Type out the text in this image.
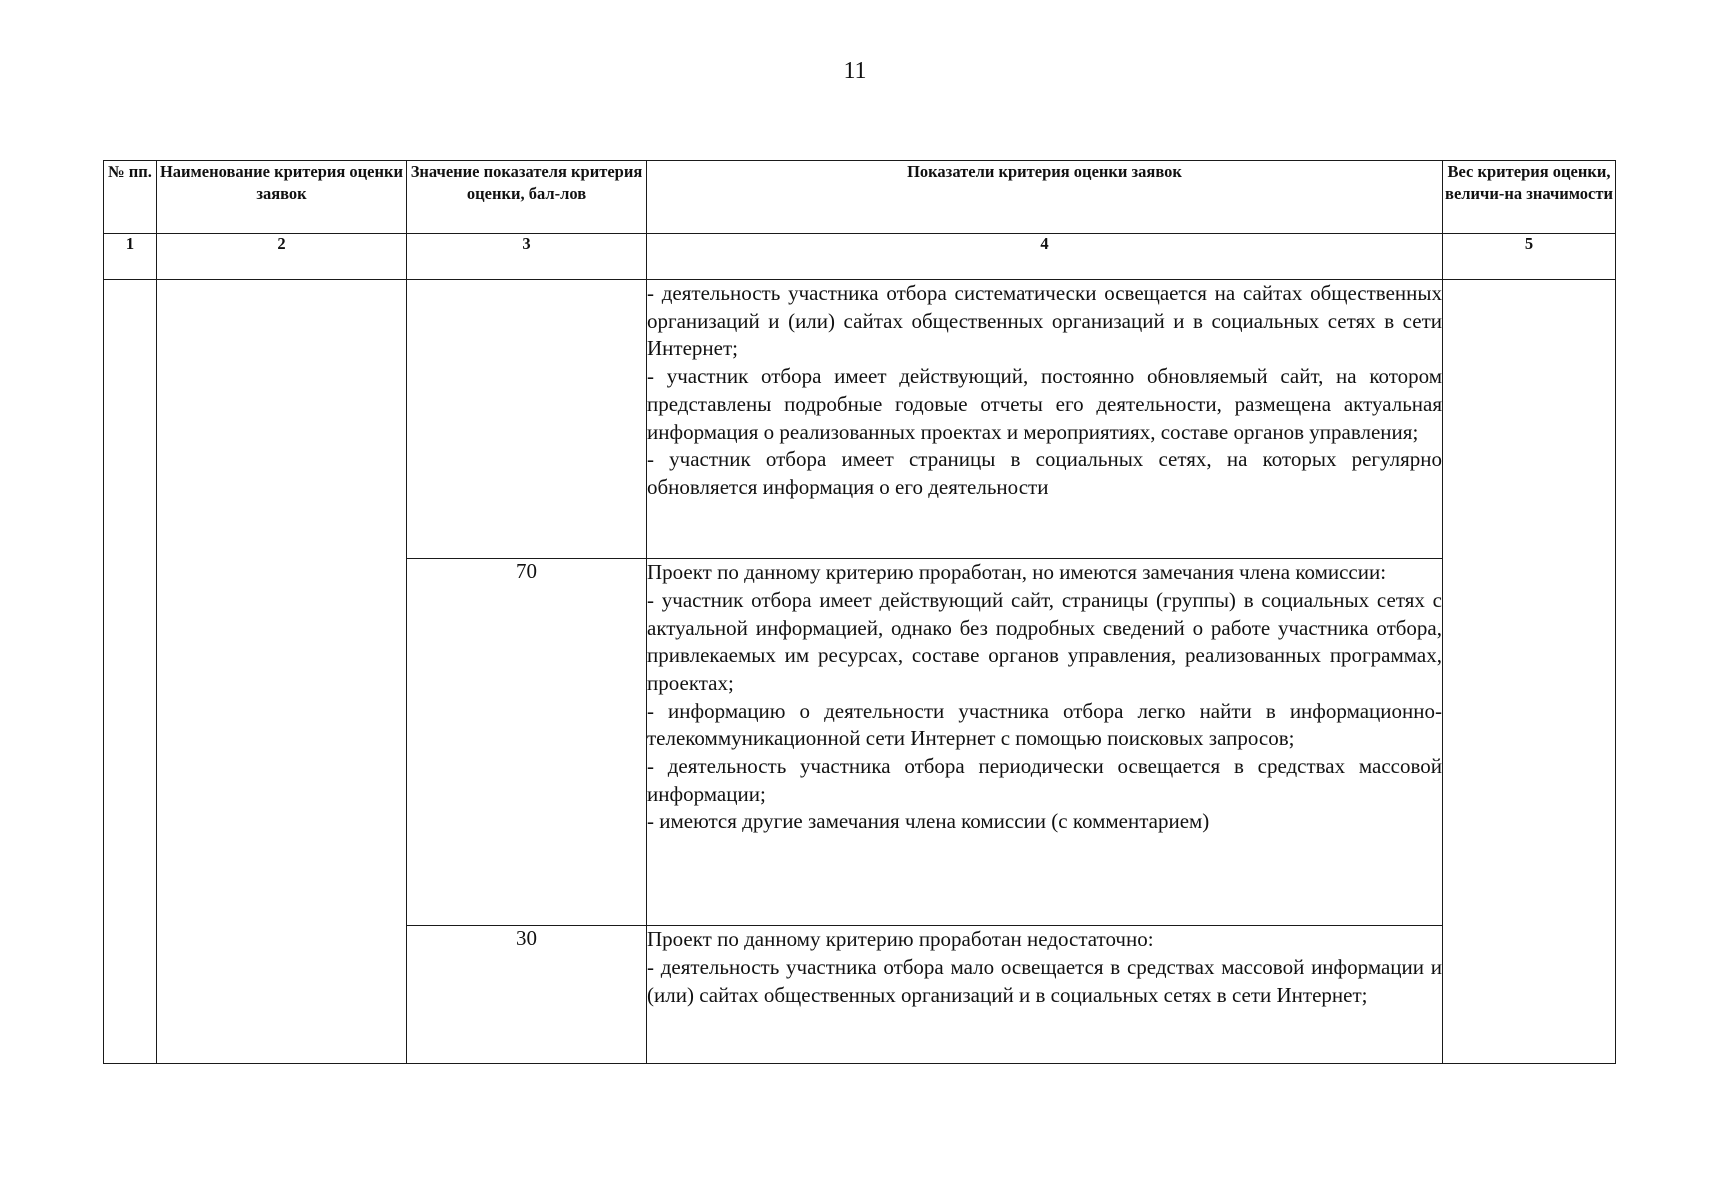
11
№ пп.	Наименование критерия оценки заявок	Значение показателя критерия оценки, бал-лов	Показатели критерия оценки заявок	Вес критерия оценки, величи-на значимости
1	2	3	4	5

			- деятельность участника отбора систематически освещается на сайтах общественных организаций и (или) сайтах общественных организаций и в социальных сетях в сети Интернет;
- участник отбора имеет действующий, постоянно обновляемый сайт, на котором представлены подробные годовые отчеты его деятельности, размещена актуальная информация о реализованных проектах и мероприятиях, составе органов управления;
- участник отбора имеет страницы в социальных сетях, на которых регулярно обновляется информация о его деятельности	

		70	Проект по данному критерию проработан, но имеются замечания члена комиссии:
- участник отбора имеет действующий сайт, страницы (группы) в социальных сетях с актуальной информацией, однако без подробных сведений о работе участника отбора, привлекаемых им ресурсах, составе органов управления, реализованных программах, проектах;
- информацию о деятельности участника отбора легко найти в информационно-телекоммуникационной сети Интернет с помощью поисковых запросов;
- деятельность участника отбора периодически освещается в средствах массовой информации;
- имеются другие замечания члена комиссии (с комментарием)	

		30	Проект по данному критерию проработан недостаточно:
- деятельность участника отбора мало освещается в средствах массовой информации и (или) сайтах общественных организаций и в социальных сетях в сети Интернет;	
